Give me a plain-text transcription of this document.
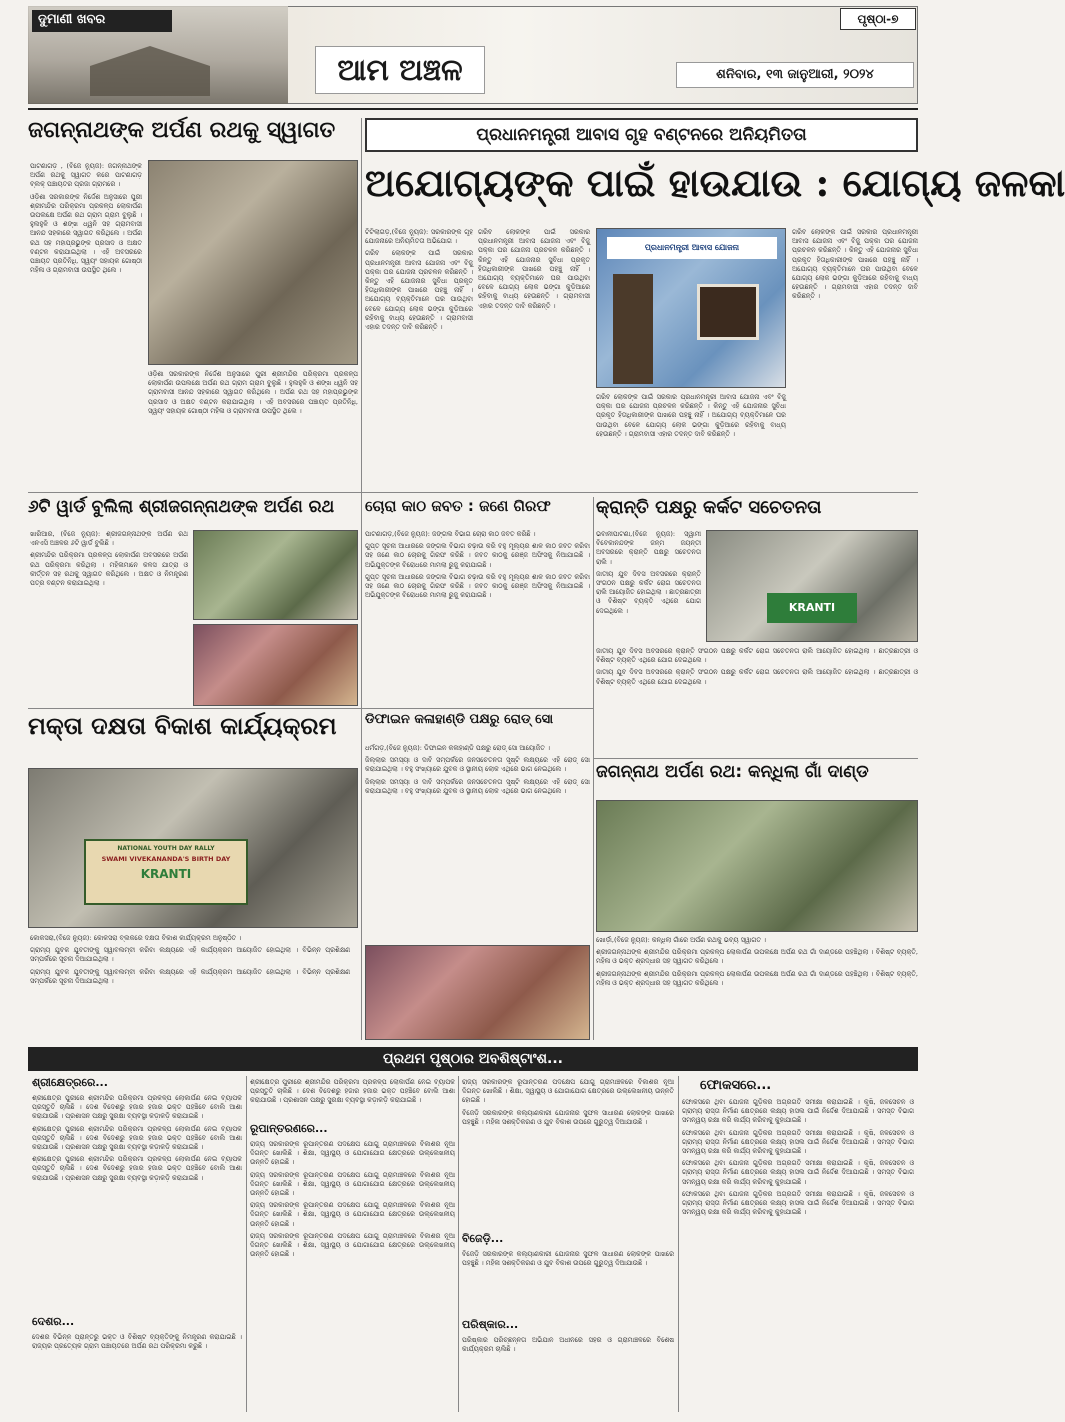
ଦୁମାଣୀ ଖବର
ଆମ ଅଞ୍ଚଳ
ପୃଷ୍ଠା-୭
ଶନିବାର, ୧୩ ଜାନୁଆରୀ, ୨୦୨୪
ଜଗନ୍ନାଥଙ୍କ ଅର୍ପଣ ରଥକୁ ସ୍ୱାଗତ

ପାଟଣାଗଡ଼ , (ବିଜେ ନ୍ୟୁଜ): ଜଗନ୍ନାଥଙ୍କ ଅର୍ପଣ ରଥକୁ ସ୍ୱାଗତ କରେ ପାଟଣାଗଡ଼ ବ୍ଲକ୍ ପଞ୍ଚାୟତର ପ୍ରଜା ଗ୍ରାମରେ ।

ଓଡ଼ିଶା ସରକାରଙ୍କ ନିର୍ଦ୍ଦେଶ ଅନୁସାରେ ପୁରୀ ଶ୍ରୀମନ୍ଦିର ପରିକ୍ରମା ପ୍ରକଳ୍ପ ଲୋକାର୍ପଣ ଉପଲକ୍ଷେ ଅର୍ପଣ ରଥ ଗ୍ରାମ ଗ୍ରାମ ବୁଲୁଛି । ହୁଲହୁଳି ଓ ଶଙ୍ଖ ଧ୍ୱନି ସହ ଗ୍ରାମବାସୀ ଆନନ୍ଦ ସହକାରେ ସ୍ୱାଗତ କରିଥିଲେ । ଅର୍ପଣ ରଥ ସହ ମହାପ୍ରଭୁଙ୍କ ପ୍ରସାଦ ଓ ଅକ୍ଷତ ବଣ୍ଟନ କରାଯାଇଥିଲା । ଏହି ଅବସରରେ ପଞ୍ଚାୟତ ପ୍ରତିନିଧି, ସ୍ୱୟଂ ସହାୟକ ଗୋଷ୍ଠୀ ମହିଳା ଓ ଗ୍ରାମବାସୀ ଉପସ୍ଥିତ ଥିଲେ ।

ଓଡ଼ିଶା ସରକାରଙ୍କ ନିର୍ଦ୍ଦେଶ ଅନୁସାରେ ପୁରୀ ଶ୍ରୀମନ୍ଦିର ପରିକ୍ରମା ପ୍ରକଳ୍ପ ଲୋକାର୍ପଣ ଉପଲକ୍ଷେ ଅର୍ପଣ ରଥ ଗ୍ରାମ ଗ୍ରାମ ବୁଲୁଛି । ହୁଲହୁଳି ଓ ଶଙ୍ଖ ଧ୍ୱନି ସହ ଗ୍ରାମବାସୀ ଆନନ୍ଦ ସହକାରେ ସ୍ୱାଗତ କରିଥିଲେ । ଅର୍ପଣ ରଥ ସହ ମହାପ୍ରଭୁଙ୍କ ପ୍ରସାଦ ଓ ଅକ୍ଷତ ବଣ୍ଟନ କରାଯାଇଥିଲା । ଏହି ଅବସରରେ ପଞ୍ଚାୟତ ପ୍ରତିନିଧି, ସ୍ୱୟଂ ସହାୟକ ଗୋଷ୍ଠୀ ମହିଳା ଓ ଗ୍ରାମବାସୀ ଉପସ୍ଥିତ ଥିଲେ ।

ପ୍ରଧାନମନ୍ତ୍ରୀ ଆବାସ ଗୃହ ବଣ୍ଟନରେ ଅନିୟମିତତା
ଅଯୋଗ୍ୟଙ୍କ ପାଇଁ ହାଉଯାଉ : ଯୋଗ୍ୟ ଜଳକା
ପ୍ରଧାନମନ୍ତ୍ରୀ ଆବାସ ଯୋଜନା

ଟିଟିଲାଗଡ଼,(ବିଜେ ନ୍ୟୁଜ): ସରକାରଙ୍କ ଗୃହ ଯୋଜନାରେ ଅନିୟମିତତା ଅଭିଯୋଗ ।

ଗରିବ ଲୋକଙ୍କ ପାଇଁ ସରକାର ପ୍ରଧାନମନ୍ତ୍ରୀ ଆବାସ ଯୋଜନା ଏବଂ ବିଜୁ ପକ୍କା ଘର ଯୋଜନା ପ୍ରଚଳନ କରିଛନ୍ତି । କିନ୍ତୁ ଏହି ଯୋଜନାର ସୁବିଧା ପ୍ରକୃତ ହିତାଧିକାରୀଙ୍କ ପାଖରେ ପହଞ୍ଚୁ ନାହିଁ । ଅଯୋଗ୍ୟ ବ୍ୟକ୍ତିମାନେ ଘର ପାଉଥିବା ବେଳେ ଯୋଗ୍ୟ ଲୋକ ଭଙ୍ଗା କୁଡ଼ିଆରେ ରହିବାକୁ ବାଧ୍ୟ ହେଉଛନ୍ତି । ଗ୍ରାମବାସୀ ଏହାର ତଦନ୍ତ ଦାବି କରିଛନ୍ତି ।

ଗରିବ ଲୋକଙ୍କ ପାଇଁ ସରକାର ପ୍ରଧାନମନ୍ତ୍ରୀ ଆବାସ ଯୋଜନା ଏବଂ ବିଜୁ ପକ୍କା ଘର ଯୋଜନା ପ୍ରଚଳନ କରିଛନ୍ତି । କିନ୍ତୁ ଏହି ଯୋଜନାର ସୁବିଧା ପ୍ରକୃତ ହିତାଧିକାରୀଙ୍କ ପାଖରେ ପହଞ୍ଚୁ ନାହିଁ । ଅଯୋଗ୍ୟ ବ୍ୟକ୍ତିମାନେ ଘର ପାଉଥିବା ବେଳେ ଯୋଗ୍ୟ ଲୋକ ଭଙ୍ଗା କୁଡ଼ିଆରେ ରହିବାକୁ ବାଧ୍ୟ ହେଉଛନ୍ତି । ଗ୍ରାମବାସୀ ଏହାର ତଦନ୍ତ ଦାବି କରିଛନ୍ତି ।

ଗରିବ ଲୋକଙ୍କ ପାଇଁ ସରକାର ପ୍ରଧାନମନ୍ତ୍ରୀ ଆବାସ ଯୋଜନା ଏବଂ ବିଜୁ ପକ୍କା ଘର ଯୋଜନା ପ୍ରଚଳନ କରିଛନ୍ତି । କିନ୍ତୁ ଏହି ଯୋଜନାର ସୁବିଧା ପ୍ରକୃତ ହିତାଧିକାରୀଙ୍କ ପାଖରେ ପହଞ୍ଚୁ ନାହିଁ । ଅଯୋଗ୍ୟ ବ୍ୟକ୍ତିମାନେ ଘର ପାଉଥିବା ବେଳେ ଯୋଗ୍ୟ ଲୋକ ଭଙ୍ଗା କୁଡ଼ିଆରେ ରହିବାକୁ ବାଧ୍ୟ ହେଉଛନ୍ତି । ଗ୍ରାମବାସୀ ଏହାର ତଦନ୍ତ ଦାବି କରିଛନ୍ତି ।

ଗରିବ ଲୋକଙ୍କ ପାଇଁ ସରକାର ପ୍ରଧାନମନ୍ତ୍ରୀ ଆବାସ ଯୋଜନା ଏବଂ ବିଜୁ ପକ୍କା ଘର ଯୋଜନା ପ୍ରଚଳନ କରିଛନ୍ତି । କିନ୍ତୁ ଏହି ଯୋଜନାର ସୁବିଧା ପ୍ରକୃତ ହିତାଧିକାରୀଙ୍କ ପାଖରେ ପହଞ୍ଚୁ ନାହିଁ । ଅଯୋଗ୍ୟ ବ୍ୟକ୍ତିମାନେ ଘର ପାଉଥିବା ବେଳେ ଯୋଗ୍ୟ ଲୋକ ଭଙ୍ଗା କୁଡ଼ିଆରେ ରହିବାକୁ ବାଧ୍ୟ ହେଉଛନ୍ତି । ଗ୍ରାମବାସୀ ଏହାର ତଦନ୍ତ ଦାବି କରିଛନ୍ତି ।

୬ଟି ୱାର୍ଡ ବୁଲିଲା ଶ୍ରୀଜଗନ୍ନାଥଙ୍କ ଅର୍ପଣ ରଥ

ଖାରିଆର, (ବିଜେ ନ୍ୟୁଜ): ଶ୍ରୀଜଗନ୍ନାଥଙ୍କ ଅର୍ପଣ ରଥ ଏନଏସି ଅଞ୍ଚଳର ୬ଟି ୱାର୍ଡ ବୁଲିଛି ।

ଶ୍ରୀମନ୍ଦିର ପରିକ୍ରମା ପ୍ରକଳ୍ପ ଲୋକାର୍ପଣ ଅବସରରେ ଅର୍ପଣ ରଥ ପରିକ୍ରମା କରିଥିଲା । ମହିଳାମାନେ କଳସ ଯାତ୍ରା ଓ କୀର୍ତ୍ତନ ସହ ରଥକୁ ସ୍ୱାଗତ କରିଥିଲେ । ଅକ୍ଷତ ଓ ନିମନ୍ତ୍ରଣ ପତ୍ର ବଣ୍ଟନ କରାଯାଇଥିଲା ।

ଚୋରା କାଠ ଜବତ : ଜଣେ ଗିରଫ

ପାଟଣାଗଡ଼,(ବିଜେ ନ୍ୟୁଜ): ଜଙ୍ଗଲ ବିଭାଗ ଚୋରା କାଠ ଜବତ କରିଛି ।

ଗୁପ୍ତ ସୂଚନା ଆଧାରରେ ଜଙ୍ଗଲ ବିଭାଗ ଚଢ଼ାଉ କରି ବହୁ ମୂଲ୍ୟର ଶାଳ କାଠ ଜବତ କରିବା ସହ ଜଣେ କାଠ ଚୋରକୁ ଗିରଫ କରିଛି । ଜବତ କାଠକୁ ରେଞ୍ଜ ଅଫିସକୁ ନିଆଯାଇଛି । ଅଭିଯୁକ୍ତଙ୍କ ବିରୋଧରେ ମାମଲା ରୁଜୁ କରାଯାଇଛି ।

ଗୁପ୍ତ ସୂଚନା ଆଧାରରେ ଜଙ୍ଗଲ ବିଭାଗ ଚଢ଼ାଉ କରି ବହୁ ମୂଲ୍ୟର ଶାଳ କାଠ ଜବତ କରିବା ସହ ଜଣେ କାଠ ଚୋରକୁ ଗିରଫ କରିଛି । ଜବତ କାଠକୁ ରେଞ୍ଜ ଅଫିସକୁ ନିଆଯାଇଛି । ଅଭିଯୁକ୍ତଙ୍କ ବିରୋଧରେ ମାମଲା ରୁଜୁ କରାଯାଇଛି ।

କ୍ରାନ୍ତି ପକ୍ଷରୁ କର୍କଟ ସଚେତନତା
KRANTI

ଭବାନୀପାଟଣା,(ବିଜେ ନ୍ୟୁଜ): ସ୍ୱାମୀ ବିବେକାନନ୍ଦଙ୍କ ଜନ୍ମ ଜୟନ୍ତୀ ଅବସରରେ କ୍ରାନ୍ତି ପକ୍ଷରୁ ସଚେତନତା ରାଲି ।

ଜାତୀୟ ଯୁବ ଦିବସ ଅବସରରେ କ୍ରାନ୍ତି ସଂଗଠନ ପକ୍ଷରୁ କର୍କଟ ରୋଗ ସଚେତନତା ରାଲି ଆୟୋଜିତ ହୋଇଥିଲା । ଛାତ୍ରଛାତ୍ରୀ ଓ ବିଶିଷ୍ଟ ବ୍ୟକ୍ତି ଏଥିରେ ଯୋଗ ଦେଇଥିଲେ ।

ଜାତୀୟ ଯୁବ ଦିବସ ଅବସରରେ କ୍ରାନ୍ତି ସଂଗଠନ ପକ୍ଷରୁ କର୍କଟ ରୋଗ ସଚେତନତା ରାଲି ଆୟୋଜିତ ହୋଇଥିଲା । ଛାତ୍ରଛାତ୍ରୀ ଓ ବିଶିଷ୍ଟ ବ୍ୟକ୍ତି ଏଥିରେ ଯୋଗ ଦେଇଥିଲେ ।

ଜାତୀୟ ଯୁବ ଦିବସ ଅବସରରେ କ୍ରାନ୍ତି ସଂଗଠନ ପକ୍ଷରୁ କର୍କଟ ରୋଗ ସଚେତନତା ରାଲି ଆୟୋଜିତ ହୋଇଥିଲା । ଛାତ୍ରଛାତ୍ରୀ ଓ ବିଶିଷ୍ଟ ବ୍ୟକ୍ତି ଏଥିରେ ଯୋଗ ଦେଇଥିଲେ ।

ମକ୍ତା ଦକ୍ଷତା ବିକାଶ କାର୍ଯ୍ୟକ୍ରମ
NATIONAL YOUTH DAY RALLY
SWAMI VIVEKANANDA'S BIRTH DAY
KRANTI

କୋକସରା,(ବିଜେ ନ୍ୟୁଜ): କୋକସରା ବ୍ଲକରେ ଦକ୍ଷତା ବିକାଶ କାର୍ଯ୍ୟକ୍ରମ ଅନୁଷ୍ଠିତ ।

ଗ୍ରାମ୍ୟ ଯୁବକ ଯୁବତୀଙ୍କୁ ସ୍ୱାବଲମ୍ବୀ କରିବା ଲକ୍ଷ୍ୟରେ ଏହି କାର୍ଯ୍ୟକ୍ରମ ଆୟୋଜିତ ହୋଇଥିଲା । ବିଭିନ୍ନ ପ୍ରଶିକ୍ଷଣ ସମ୍ପର୍କରେ ସୂଚନା ଦିଆଯାଇଥିଲା ।

ଗ୍ରାମ୍ୟ ଯୁବକ ଯୁବତୀଙ୍କୁ ସ୍ୱାବଲମ୍ବୀ କରିବା ଲକ୍ଷ୍ୟରେ ଏହି କାର୍ଯ୍ୟକ୍ରମ ଆୟୋଜିତ ହୋଇଥିଲା । ବିଭିନ୍ନ ପ୍ରଶିକ୍ଷଣ ସମ୍ପର୍କରେ ସୂଚନା ଦିଆଯାଇଥିଲା ।

ଡିଫାଇନ କଳାହାଣ୍ଡି ପକ୍ଷରୁ ରୋଡ୍ ସୋ

ଧର୍ମଗଡ଼,(ବିଜେ ନ୍ୟୁଜ): ଡିଫାଇନ କଳାହାଣ୍ଡି ପକ୍ଷରୁ ରୋଡ୍ ସୋ ଆୟୋଜିତ ।

ଜିଲ୍ଲାର ସମସ୍ୟା ଓ ଦାବି ସମ୍ପର୍କରେ ଜନସଚେତନତା ସୃଷ୍ଟି ଲକ୍ଷ୍ୟରେ ଏହି ରୋଡ୍ ସୋ କରାଯାଇଥିଲା । ବହୁ ସଂଖ୍ୟାରେ ଯୁବକ ଓ ସ୍ଥାନୀୟ ଲୋକ ଏଥିରେ ଭାଗ ନେଇଥିଲେ ।

ଜିଲ୍ଲାର ସମସ୍ୟା ଓ ଦାବି ସମ୍ପର୍କରେ ଜନସଚେତନତା ସୃଷ୍ଟି ଲକ୍ଷ୍ୟରେ ଏହି ରୋଡ୍ ସୋ କରାଯାଇଥିଲା । ବହୁ ସଂଖ୍ୟାରେ ଯୁବକ ଓ ସ୍ଥାନୀୟ ଲୋକ ଏଥିରେ ଭାଗ ନେଇଥିଲେ ।

ଜଗନ୍ନାଥ ଅର୍ପଣ ରଥ: କନ୍ଧିଲା ଗାଁ ଦାଣ୍ଡ

ଖୋର୍ଡ଼ା,(ବିଜେ ନ୍ୟୁଜ): କନ୍ଧିଲା ଗାଁରେ ଅର୍ପଣ ରଥକୁ ଭବ୍ୟ ସ୍ୱାଗତ ।

ଶ୍ରୀଜଗନ୍ନାଥଙ୍କ ଶ୍ରୀମନ୍ଦିର ପରିକ୍ରମା ପ୍ରକଳ୍ପ ଲୋକାର୍ପଣ ଉପଲକ୍ଷେ ଅର୍ପଣ ରଥ ଗାଁ ଦାଣ୍ଡରେ ପହଞ୍ଚିଥିଲା । ବିଶିଷ୍ଟ ବ୍ୟକ୍ତି, ମହିଳା ଓ ଭକ୍ତ ଶ୍ରଦ୍ଧାର ସହ ସ୍ୱାଗତ କରିଥିଲେ ।

ଶ୍ରୀଜଗନ୍ନାଥଙ୍କ ଶ୍ରୀମନ୍ଦିର ପରିକ୍ରମା ପ୍ରକଳ୍ପ ଲୋକାର୍ପଣ ଉପଲକ୍ଷେ ଅର୍ପଣ ରଥ ଗାଁ ଦାଣ୍ଡରେ ପହଞ୍ଚିଥିଲା । ବିଶିଷ୍ଟ ବ୍ୟକ୍ତି, ମହିଳା ଓ ଭକ୍ତ ଶ୍ରଦ୍ଧାର ସହ ସ୍ୱାଗତ କରିଥିଲେ ।

ପ୍ରଥମ ପୃଷ୍ଠାର ଅବଶିଷ୍ଟାଂଶ...
ଶ୍ରୀକ୍ଷେତ୍ରରେ...

ଶ୍ରୀକ୍ଷେତ୍ର ପୁରୀରେ ଶ୍ରୀମନ୍ଦିର ପରିକ୍ରମା ପ୍ରକଳ୍ପ ଲୋକାର୍ପଣ ନେଇ ବ୍ୟାପକ ପ୍ରସ୍ତୁତି ଚାଲିଛି । ଦେଶ ବିଦେଶରୁ ହଜାର ହଜାର ଭକ୍ତ ପହଞ୍ଚିବେ ବୋଲି ଆଶା କରାଯାଉଛି । ପ୍ରଶାସନ ପକ୍ଷରୁ ସୁରକ୍ଷା ବ୍ୟବସ୍ଥା କଡ଼ାକଡ଼ି କରାଯାଇଛି ।

ଶ୍ରୀକ୍ଷେତ୍ର ପୁରୀରେ ଶ୍ରୀମନ୍ଦିର ପରିକ୍ରମା ପ୍ରକଳ୍ପ ଲୋକାର୍ପଣ ନେଇ ବ୍ୟାପକ ପ୍ରସ୍ତୁତି ଚାଲିଛି । ଦେଶ ବିଦେଶରୁ ହଜାର ହଜାର ଭକ୍ତ ପହଞ୍ଚିବେ ବୋଲି ଆଶା କରାଯାଉଛି । ପ୍ରଶାସନ ପକ୍ଷରୁ ସୁରକ୍ଷା ବ୍ୟବସ୍ଥା କଡ଼ାକଡ଼ି କରାଯାଇଛି ।

ଶ୍ରୀକ୍ଷେତ୍ର ପୁରୀରେ ଶ୍ରୀମନ୍ଦିର ପରିକ୍ରମା ପ୍ରକଳ୍ପ ଲୋକାର୍ପଣ ନେଇ ବ୍ୟାପକ ପ୍ରସ୍ତୁତି ଚାଲିଛି । ଦେଶ ବିଦେଶରୁ ହଜାର ହଜାର ଭକ୍ତ ପହଞ୍ଚିବେ ବୋଲି ଆଶା କରାଯାଉଛି । ପ୍ରଶାସନ ପକ୍ଷରୁ ସୁରକ୍ଷା ବ୍ୟବସ୍ଥା କଡ଼ାକଡ଼ି କରାଯାଇଛି ।

ଦେଶର...

ଦେଶର ବିଭିନ୍ନ ପ୍ରାନ୍ତରୁ ଭକ୍ତ ଓ ବିଶିଷ୍ଟ ବ୍ୟକ୍ତିଙ୍କୁ ନିମନ୍ତ୍ରଣ କରାଯାଇଛି । ରାଜ୍ୟର ପ୍ରତ୍ୟେକ ଗ୍ରାମ ପଞ୍ଚାୟତରେ ଅର୍ପଣ ରଥ ପରିକ୍ରମା କରୁଛି ।

ଶ୍ରୀକ୍ଷେତ୍ର ପୁରୀରେ ଶ୍ରୀମନ୍ଦିର ପରିକ୍ରମା ପ୍ରକଳ୍ପ ଲୋକାର୍ପଣ ନେଇ ବ୍ୟାପକ ପ୍ରସ୍ତୁତି ଚାଲିଛି । ଦେଶ ବିଦେଶରୁ ହଜାର ହଜାର ଭକ୍ତ ପହଞ୍ଚିବେ ବୋଲି ଆଶା କରାଯାଉଛି । ପ୍ରଶାସନ ପକ୍ଷରୁ ସୁରକ୍ଷା ବ୍ୟବସ୍ଥା କଡ଼ାକଡ଼ି କରାଯାଇଛି ।

ରୂପାନ୍ତରଣରେ...

ରାଜ୍ୟ ସରକାରଙ୍କ ରୂପାନ୍ତରଣ ପଦକ୍ଷେପ ଯୋଗୁ ଗ୍ରାମାଞ୍ଚଳରେ ବିକାଶର ନୂଆ ଦିଗନ୍ତ ଖୋଲିଛି । ଶିକ୍ଷା, ସ୍ୱାସ୍ଥ୍ୟ ଓ ଯୋଗାଯୋଗ କ୍ଷେତ୍ରରେ ଉଲ୍ଲେଖନୀୟ ଉନ୍ନତି ହୋଇଛି ।

ରାଜ୍ୟ ସରକାରଙ୍କ ରୂପାନ୍ତରଣ ପଦକ୍ଷେପ ଯୋଗୁ ଗ୍ରାମାଞ୍ଚଳରେ ବିକାଶର ନୂଆ ଦିଗନ୍ତ ଖୋଲିଛି । ଶିକ୍ଷା, ସ୍ୱାସ୍ଥ୍ୟ ଓ ଯୋଗାଯୋଗ କ୍ଷେତ୍ରରେ ଉଲ୍ଲେଖନୀୟ ଉନ୍ନତି ହୋଇଛି ।

ରାଜ୍ୟ ସରକାରଙ୍କ ରୂପାନ୍ତରଣ ପଦକ୍ଷେପ ଯୋଗୁ ଗ୍ରାମାଞ୍ଚଳରେ ବିକାଶର ନୂଆ ଦିଗନ୍ତ ଖୋଲିଛି । ଶିକ୍ଷା, ସ୍ୱାସ୍ଥ୍ୟ ଓ ଯୋଗାଯୋଗ କ୍ଷେତ୍ରରେ ଉଲ୍ଲେଖନୀୟ ଉନ୍ନତି ହୋଇଛି ।

ରାଜ୍ୟ ସରକାରଙ୍କ ରୂପାନ୍ତରଣ ପଦକ୍ଷେପ ଯୋଗୁ ଗ୍ରାମାଞ୍ଚଳରେ ବିକାଶର ନୂଆ ଦିଗନ୍ତ ଖୋଲିଛି । ଶିକ୍ଷା, ସ୍ୱାସ୍ଥ୍ୟ ଓ ଯୋଗାଯୋଗ କ୍ଷେତ୍ରରେ ଉଲ୍ଲେଖନୀୟ ଉନ୍ନତି ହୋଇଛି ।

ରାଜ୍ୟ ସରକାରଙ୍କ ରୂପାନ୍ତରଣ ପଦକ୍ଷେପ ଯୋଗୁ ଗ୍ରାମାଞ୍ଚଳରେ ବିକାଶର ନୂଆ ଦିଗନ୍ତ ଖୋଲିଛି । ଶିକ୍ଷା, ସ୍ୱାସ୍ଥ୍ୟ ଓ ଯୋଗାଯୋଗ କ୍ଷେତ୍ରରେ ଉଲ୍ଲେଖନୀୟ ଉନ୍ନତି ହୋଇଛି ।

ବିଜେଡ଼ି ସରକାରଙ୍କ କଲ୍ୟାଣକାରୀ ଯୋଜନାର ସୁଫଳ ସାଧାରଣ ଲୋକଙ୍କ ପାଖରେ ପହଞ୍ଚୁଛି । ମହିଳା ସଶକ୍ତିକରଣ ଓ ଯୁବ ବିକାଶ ଉପରେ ଗୁରୁତ୍ୱ ଦିଆଯାଉଛି ।

ବିଜେଡ଼ି...

ବିଜେଡ଼ି ସରକାରଙ୍କ କଲ୍ୟାଣକାରୀ ଯୋଜନାର ସୁଫଳ ସାଧାରଣ ଲୋକଙ୍କ ପାଖରେ ପହଞ୍ଚୁଛି । ମହିଳା ସଶକ୍ତିକରଣ ଓ ଯୁବ ବିକାଶ ଉପରେ ଗୁରୁତ୍ୱ ଦିଆଯାଉଛି ।

ପରିଷ୍କାର...

ପରିଷ୍କାର ପରିଚ୍ଛନ୍ନତା ଅଭିଯାନ ଅଧୀନରେ ସହର ଓ ଗ୍ରାମାଞ୍ଚଳରେ ବିଶେଷ କାର୍ଯ୍ୟକ୍ରମ ଚାଲିଛି ।

ଫୋକସରେ...

ଫୋକସରେ ଥିବା ଯୋଜନା ଗୁଡ଼ିକର ଅଗ୍ରଗତି ସମୀକ୍ଷା କରାଯାଇଛି । କୃଷି, ଜଳସେଚନ ଓ ଗ୍ରାମ୍ୟ ରାସ୍ତା ନିର୍ମାଣ କ୍ଷେତ୍ରରେ ଲକ୍ଷ୍ୟ ହାସଲ ପାଇଁ ନିର୍ଦ୍ଦେଶ ଦିଆଯାଇଛି । ସମସ୍ତ ବିଭାଗ ସମନ୍ୱୟ ରକ୍ଷା କରି କାର୍ଯ୍ୟ କରିବାକୁ କୁହାଯାଇଛି ।

ଫୋକସରେ ଥିବା ଯୋଜନା ଗୁଡ଼ିକର ଅଗ୍ରଗତି ସମୀକ୍ଷା କରାଯାଇଛି । କୃଷି, ଜଳସେଚନ ଓ ଗ୍ରାମ୍ୟ ରାସ୍ତା ନିର୍ମାଣ କ୍ଷେତ୍ରରେ ଲକ୍ଷ୍ୟ ହାସଲ ପାଇଁ ନିର୍ଦ୍ଦେଶ ଦିଆଯାଇଛି । ସମସ୍ତ ବିଭାଗ ସମନ୍ୱୟ ରକ୍ଷା କରି କାର୍ଯ୍ୟ କରିବାକୁ କୁହାଯାଇଛି ।

ଫୋକସରେ ଥିବା ଯୋଜନା ଗୁଡ଼ିକର ଅଗ୍ରଗତି ସମୀକ୍ଷା କରାଯାଇଛି । କୃଷି, ଜଳସେଚନ ଓ ଗ୍ରାମ୍ୟ ରାସ୍ତା ନିର୍ମାଣ କ୍ଷେତ୍ରରେ ଲକ୍ଷ୍ୟ ହାସଲ ପାଇଁ ନିର୍ଦ୍ଦେଶ ଦିଆଯାଇଛି । ସମସ୍ତ ବିଭାଗ ସମନ୍ୱୟ ରକ୍ଷା କରି କାର୍ଯ୍ୟ କରିବାକୁ କୁହାଯାଇଛି ।

ଫୋକସରେ ଥିବା ଯୋଜନା ଗୁଡ଼ିକର ଅଗ୍ରଗତି ସମୀକ୍ଷା କରାଯାଇଛି । କୃଷି, ଜଳସେଚନ ଓ ଗ୍ରାମ୍ୟ ରାସ୍ତା ନିର୍ମାଣ କ୍ଷେତ୍ରରେ ଲକ୍ଷ୍ୟ ହାସଲ ପାଇଁ ନିର୍ଦ୍ଦେଶ ଦିଆଯାଇଛି । ସମସ୍ତ ବିଭାଗ ସମନ୍ୱୟ ରକ୍ଷା କରି କାର୍ଯ୍ୟ କରିବାକୁ କୁହାଯାଇଛି ।
